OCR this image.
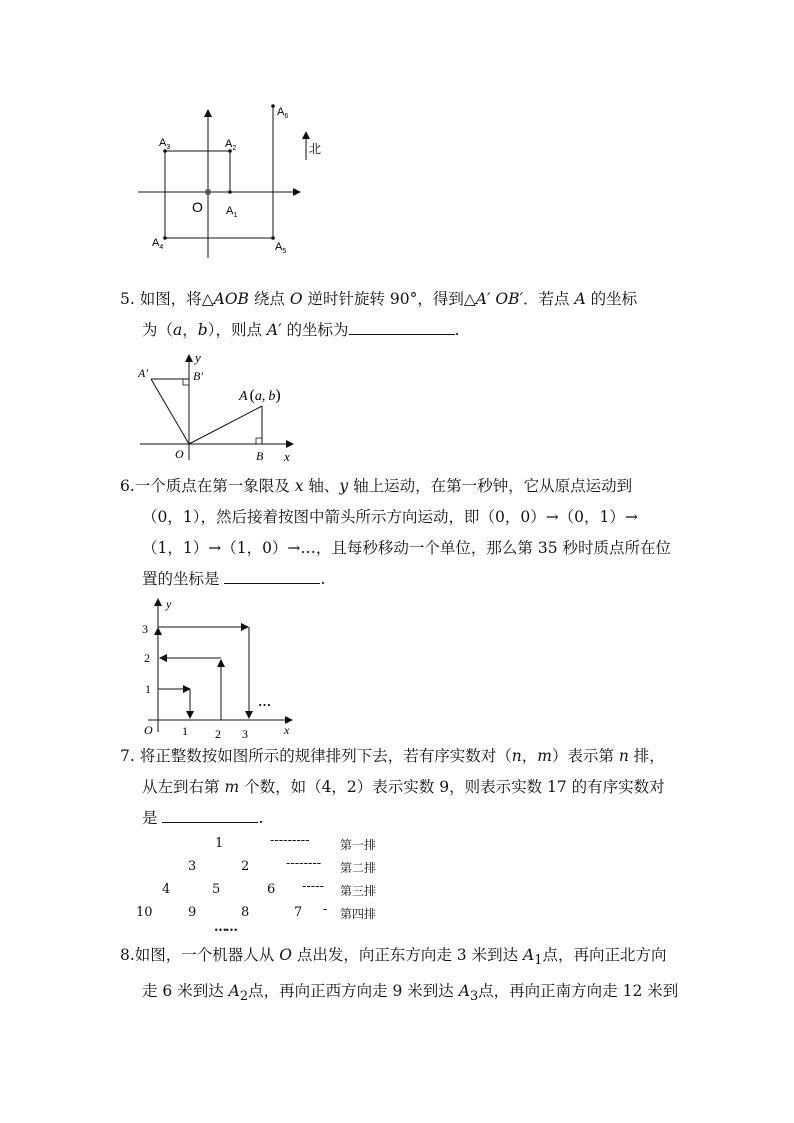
O $A_1$
$A_2$
$A_3$
$A_4$	$A_5$
$A_6$
北
5. 如图，将△AOB 绕点 O 逆时针旋转 90°，得到△A′ OB′．若点 A 的坐标
为（a，b），则点 A′ 的坐标为	.
y
B′
A′
A (a, b)
O	B x
6.一个质点在第一象限及 x 轴、y 轴上运动，在第一秒钟，它从原点运动到
（0，1），然后接着按图中箭头所示方向运动，即（0，0）→（0，1）→
（1，1）→（1，0）→…，且每秒移动一个单位，那么第 35 秒时质点所在位
置的坐标是	.
y
3
2
1
O 1 2 3
…
x
7. 将正整数按如图所示的规律排列下去，若有序实数对（n，m）表示第 n 排，
从左到右第 m 个数，如（4，2）表示实数 9，则表示实数 17 的有序实数对
是	.
1	---------	第一排
3	2	-------- 第二排
4	5	6 ----- 第三排
10	9	8	7 - 第四排
……
8.如图，一个机器人从 O 点出发，向正东方向走 3 米到达 $A_1$点，再向正北方向
走 6 米到达 $A_2$点，再向正西方向走 9 米到达 $A_3$点，再向正南方向走 12 米到
